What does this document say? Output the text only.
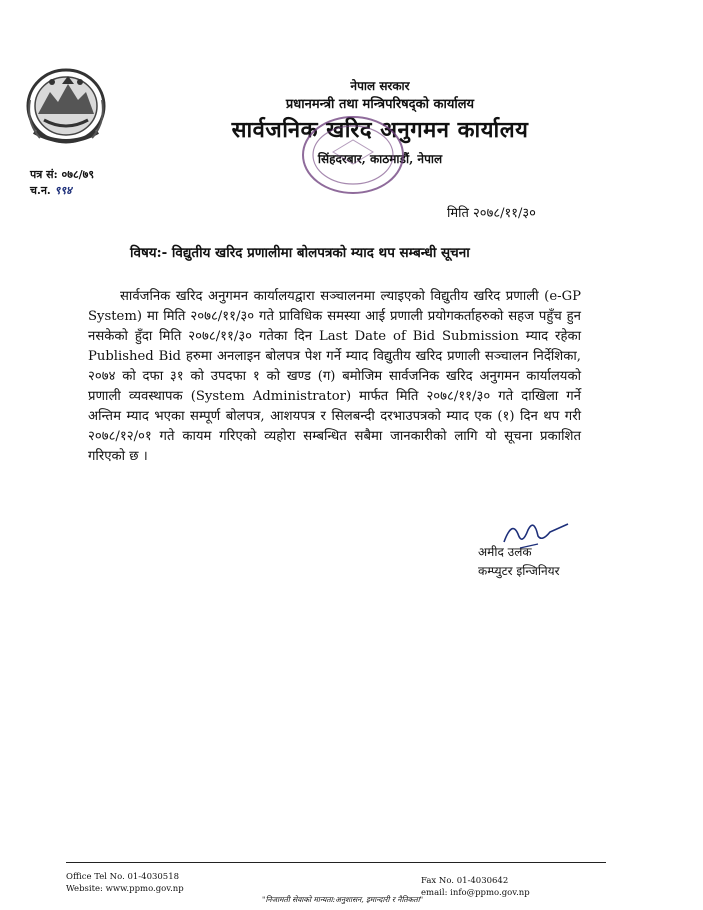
नेपाल सरकार
प्रधानमन्त्री तथा मन्त्रिपरिषद्को कार्यालय
सार्वजनिक खरिद अनुगमन कार्यालय
सिंहदरबार, काठमाडौं, नेपाल
पत्र सं: ०७८/७९
च.न. ९९४
मिति २०७८/११/३०
विषय:- विद्युतीय खरिद प्रणालीमा बोलपत्रको म्याद थप सम्बन्धी सूचना
सार्वजनिक खरिद अनुगमन कार्यालयद्वारा सञ्चालनमा ल्याइएको विद्युतीय खरिद प्रणाली (e-GP System) मा मिति २०७८/११/३० गते प्राविधिक समस्या आई प्रणाली प्रयोगकर्ताहरुको सहज पहुँच हुन नसकेको हुँदा मिति २०७८/११/३० गतेका दिन Last Date of Bid Submission म्याद रहेका Published Bid हरुमा अनलाइन बोलपत्र पेश गर्ने म्याद विद्युतीय खरिद प्रणाली सञ्चालन निर्देशिका, २०७४ को दफा ३१ को उपदफा १ को खण्ड (ग) बमोजिम सार्वजनिक खरिद अनुगमन कार्यालयको प्रणाली व्यवस्थापक (System Administrator) मार्फत मिति २०७८/११/३० गते दाखिला गर्ने अन्तिम म्याद भएका सम्पूर्ण बोलपत्र, आशयपत्र र सिलबन्दी दरभाउपत्रको म्याद एक (१) दिन थप गरी २०७८/१२/०१ गते कायम गरिएको व्यहोरा सम्बन्धित सबैमा जानकारीको लागि यो सूचना प्रकाशित गरिएको छ ।
अमीद उलक
कम्प्युटर इन्जिनियर
Office Tel No. 01-4030518
Website: www.ppmo.gov.np
Fax No. 01-4030642
email: info@ppmo.gov.np
"निजामती सेवाको मान्यता:अनुशासन, इमान्दारी र नैतिकता"
